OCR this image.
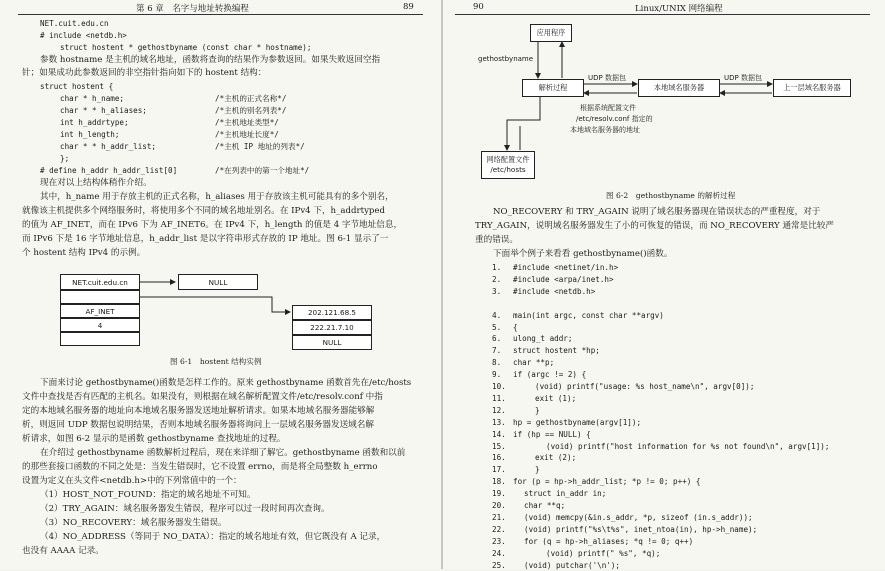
第 6 章　名字与地址转换编程	89	90	Linux/UNIX 网络编程
NET.cuit.edu.cn
# include <netdb.h>
struct hostent * gethostbyname (const char * hostname);
参数 hostname 是主机的域名地址，函数将查询的结果作为参数返回。如果失败返回空指
针；如果成功此参数返回的非空指针指向如下的 hostent 结构：
struct hostent {
char * h_name;	/*主机的正式名称*/
char * * h_aliases;	/*主机的别名列表*/
int h_addrtype;	/*主机地址类型*/
int h_length;	/*主机地址长度*/
char * * h_addr_list;	/*主机 IP 地址的列表*/
};
# define h_addr h_addr_list[0]	/*在列表中的第一个地址*/
现在对以上结构体稍作介绍。
其中，h_name 用于存放主机的正式名称，h_aliases 用于存放该主机可能具有的多个别名，
就像该主机提供多个网络服务时，将使用多个不同的域名地址别名。在 IPv4 下，h_addrtyped
的值为 AF_INET，而在 IPv6 下为 AF_INET6。在 IPv4 下，h_length 的值是 4 字节地址信息，
而 IPv6 下是 16 字节地址信息，h_addr_list 是以字符串形式存放的 IP 地址。图 6-1 显示了一
个 hostent 结构 IPv4 的示例。
下面来讨论 gethostbyname()函数是怎样工作的。原来 gethostbyname 函数首先在/etc/hosts
文件中查找是否有匹配的主机名。如果没有，则根据在域名解析配置文件/etc/resolv.conf 中指
定的本地域名服务器的地址向本地域名服务器发送地址解析请求。如果本地域名服务器能够解
析，则返回 UDP 数据包说明结果，否则本地域名服务器将询问上一层域名服务器发送域名解
析请求，如图 6-2 显示的是函数 gethostbyname 查找地址的过程。
在介绍过 gethostbyname 函数解析过程后，现在来详细了解它。gethostbyname 函数和以前
的那些套接口函数的不同之处是：当发生错误时，它不设置 errno，而是将全局整数 h_errno
设置为定义在头文件<netdb.h>中的下列常值中的一个：
（1）HOST_NOT_FOUND：指定的域名地址不可知。
（2）TRY_AGAIN：域名服务器发生错误，程序可以过一段时间再次查询。
（3）NO_RECOVERY：域名服务器发生错误。
（4）NO_ADDRESS（等同于 NO_DATA）：指定的域名地址有效，但它既没有 A 记录，
也没有 AAAA 记录。
NO_RECOVERY 和 TRY_AGAIN 说明了域名服务器现在错误状态的严重程度，对于
TRY_AGAIN，说明域名服务器发生了小的可恢复的错误，而 NO_RECOVERY 通常是比较严
重的错误。
下面举个例子来看看 gethostbyname()函数。
1. #include <netinet/in.h>
2. #include <arpa/inet.h>
3. #include <netdb.h>
4. main(int argc, const char **argv)
5. {
6. ulong_t addr;
7. struct hostent *hp;
8. char **p;
9. if (argc != 2) {
10.	(void) printf("usage: %s host_name\n", argv[0]);
11.	exit (1);
12.	}
13. hp = gethostbyname(argv[1]);
14. if (hp == NULL) {
15.	(void) printf("host information for %s not found\n", argv[1]);
16.	exit (2);
17.	}
18. for (p = hp->h_addr_list; *p != 0; p++) {
19. struct in_addr in;
20. char **q;
21. (void) memcpy(&in.s_addr, *p, sizeof (in.s_addr));
22. (void) printf("%s\t%s", inet_ntoa(in), hp->h_name);
23. for (q = hp->h_aliases; *q != 0; q++)
24.	(void) printf(" %s", *q);
25. (void) putchar('\n');
NET.cuit.edu.cn
AF_INET
4
NULL
202.121.68.5
222.21.7.10
NULL
图 6-1　hostent 结构实例
应用程序
gethostbyname
解析过程	本地域名服务器	上一层域名服务器
UDP 数据包	UDP 数据包
根据系统配置文件
/etc/resolv.conf 指定的
本地域名服务器的地址
网络配置文件
/etc/hosts
图 6-2　gethostbyname 的解析过程
